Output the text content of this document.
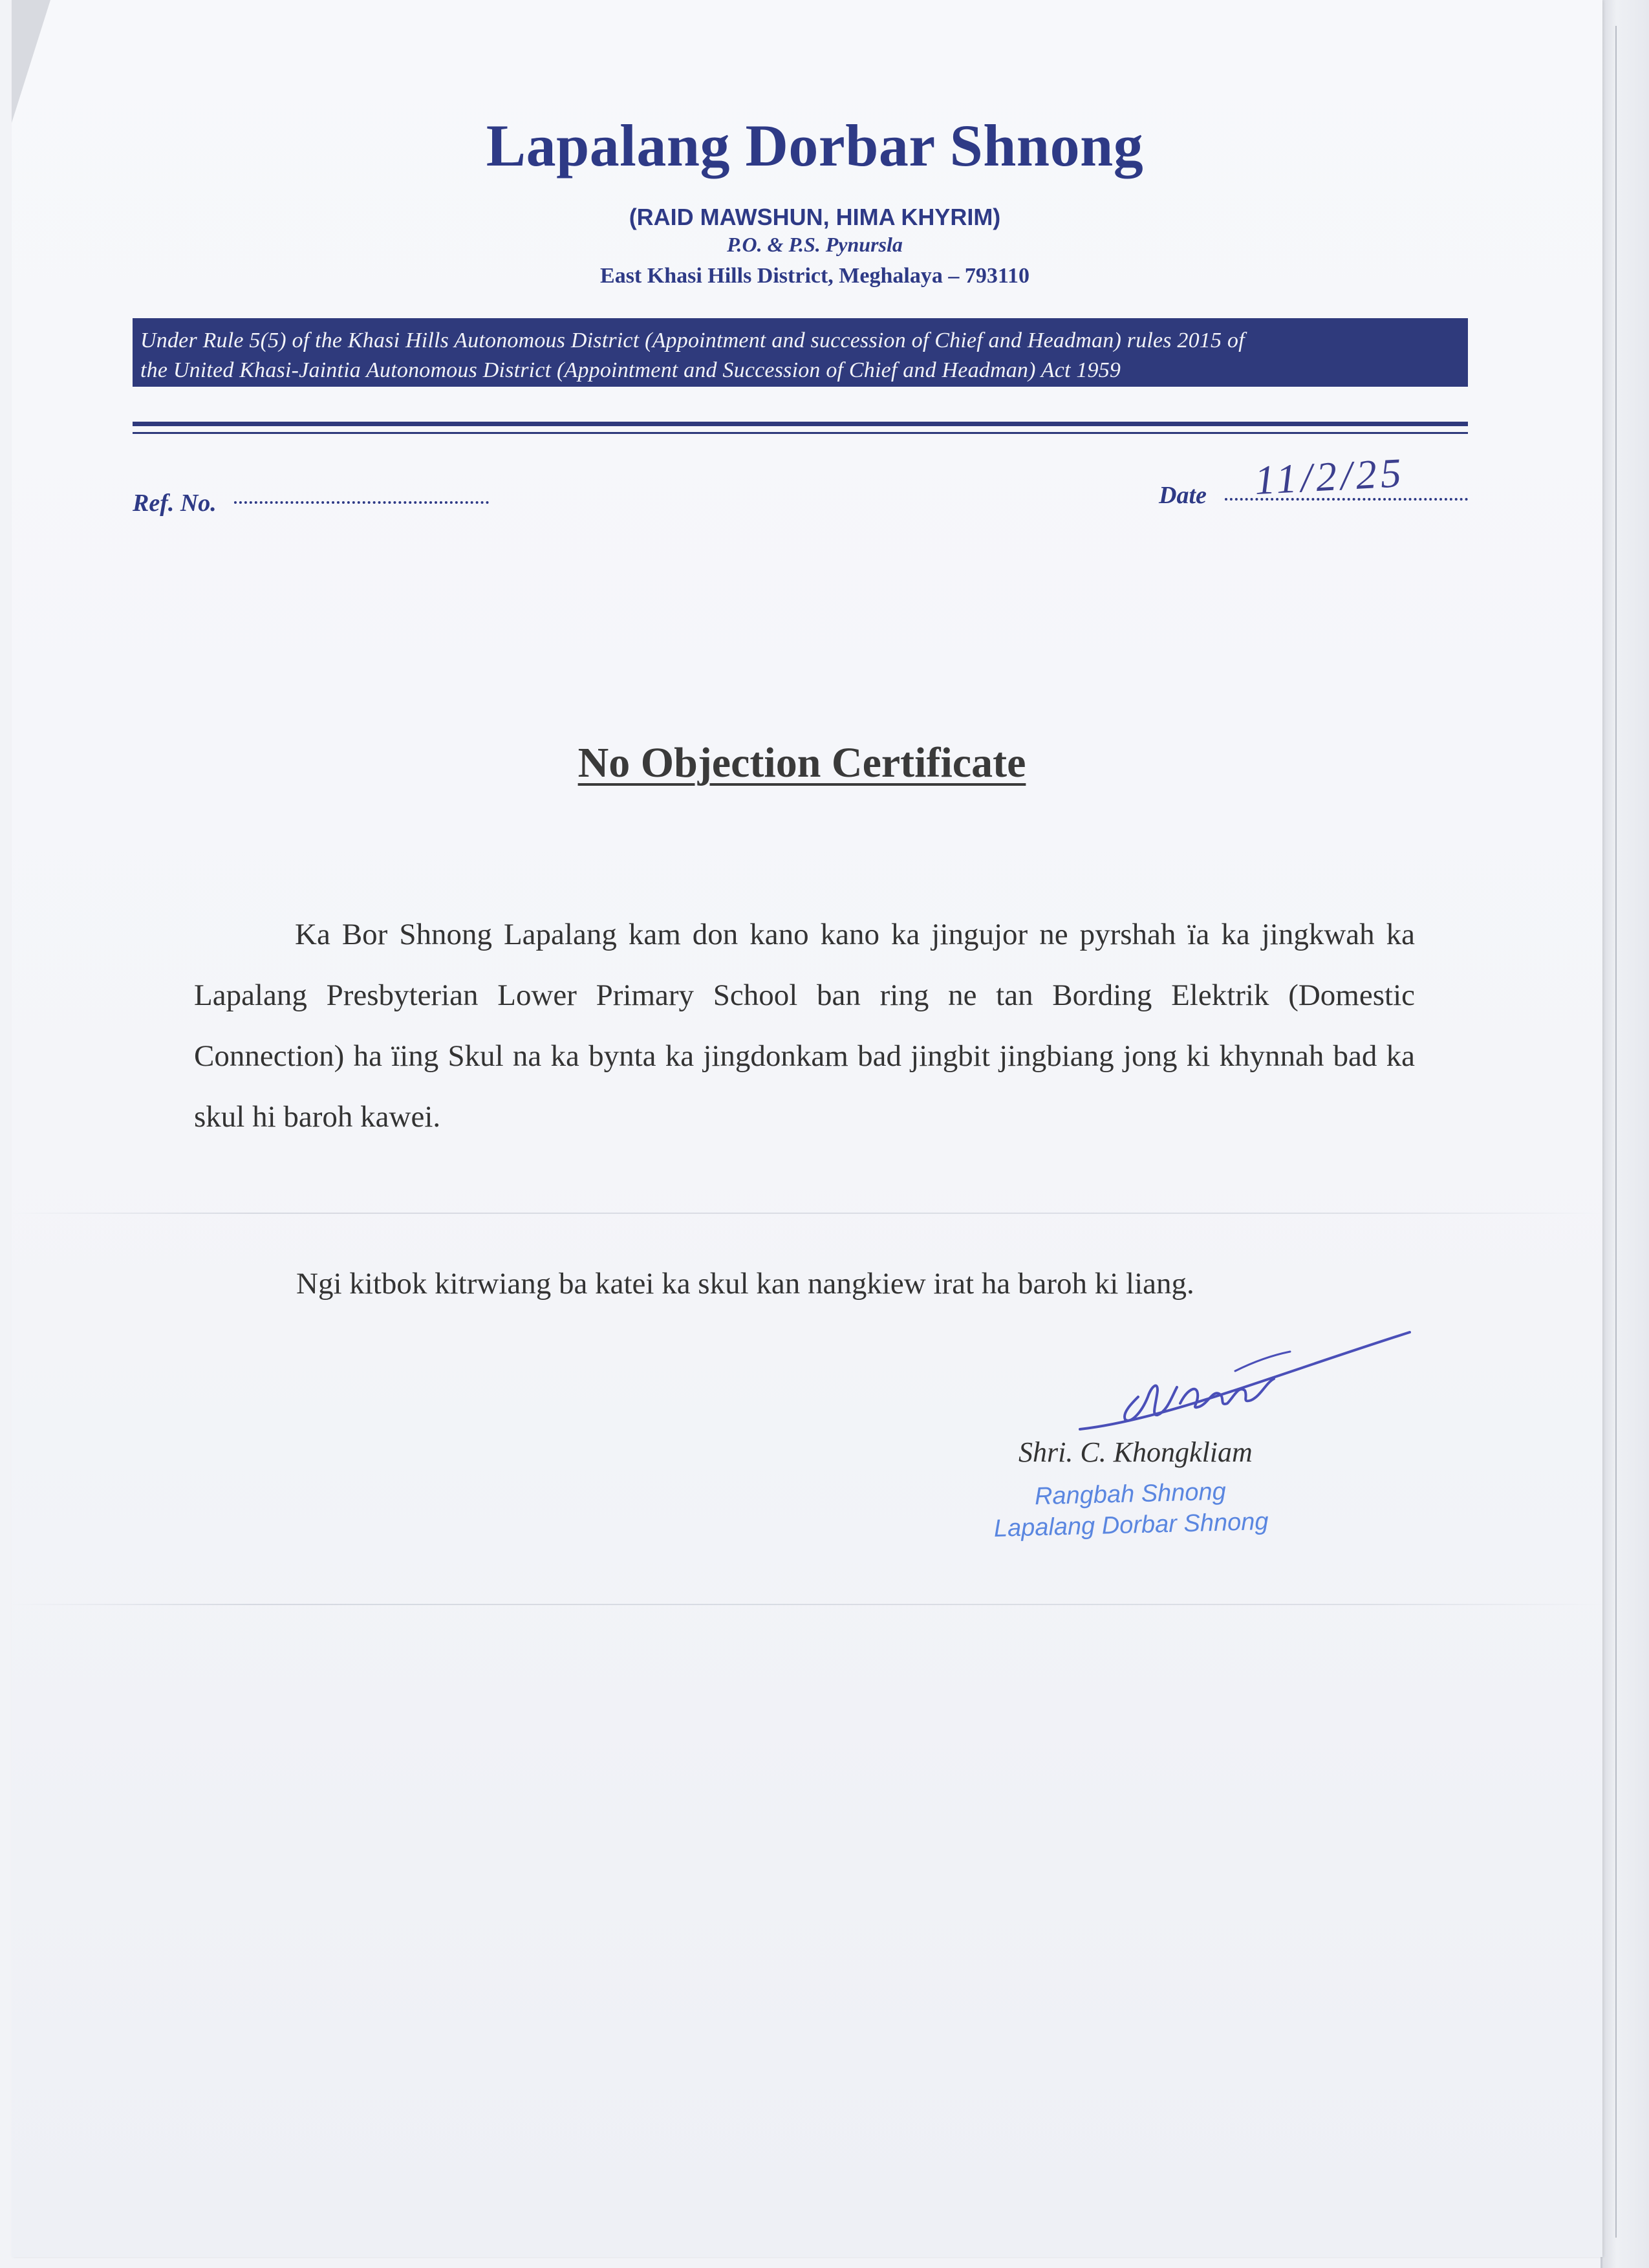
Lapalang Dorbar Shnong
(RAID MAWSHUN, HIMA KHYRIM)
P.O. & P.S. Pynursla
East Khasi Hills District, Meghalaya – 793110
Under Rule 5(5) of the Khasi Hills Autonomous District (Appointment and succession of Chief and Headman) rules 2015 of
the United Khasi-Jaintia Autonomous District (Appointment and Succession of Chief and Headman) Act 1959
Ref. No.	Date 11/2/25
No Objection Certificate
Ka Bor Shnong Lapalang kam don kano kano ka jingujor ne pyrshah ïa ka jingkwah ka Lapalang Presbyterian Lower Primary School ban ring ne tan Bording Elektrik (Domestic Connection) ha ïing Skul na ka bynta ka jingdonkam bad jingbit jingbiang jong ki khynnah bad ka skul hi baroh kawei.
Ngi kitbok kitrwiang ba katei ka skul kan nangkiew irat ha baroh ki liang.
Shri. C. Khongkliam
Rangbah Shnong
Lapalang Dorbar Shnong
